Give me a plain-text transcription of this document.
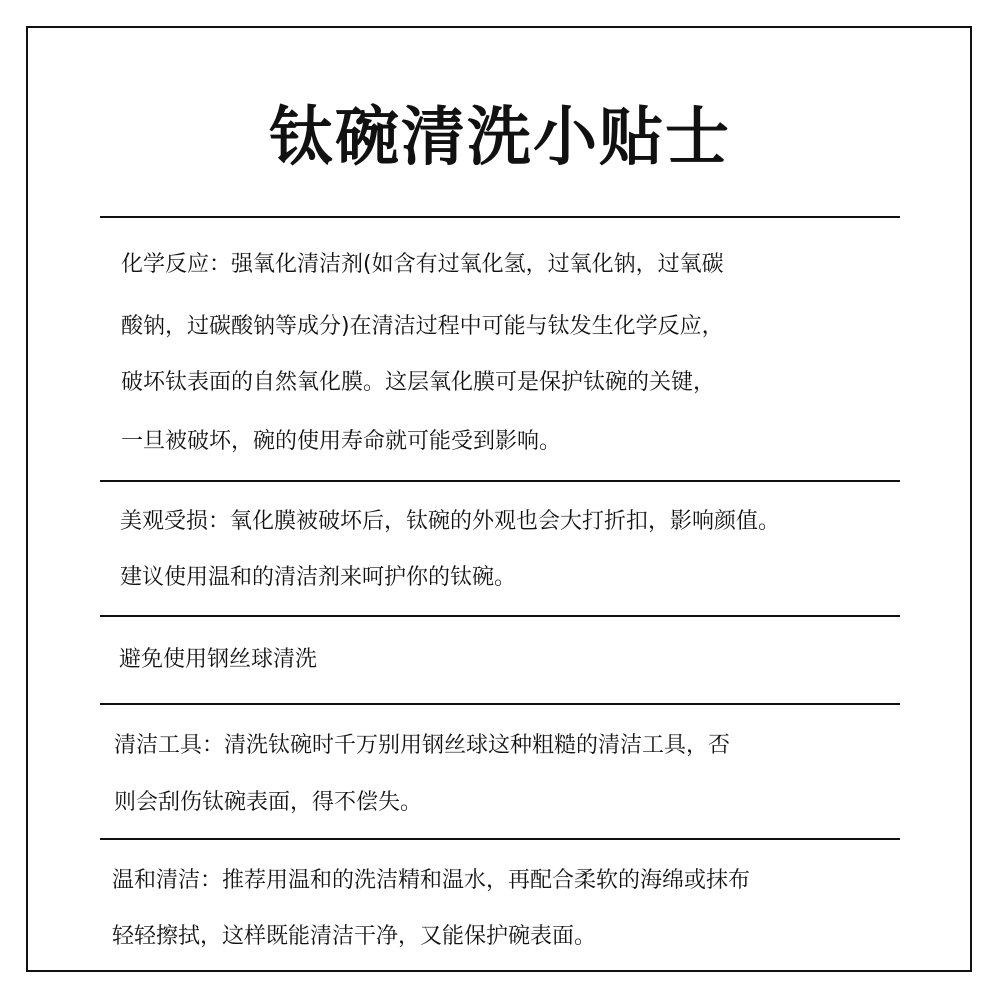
钛碗清洗小贴士
化学反应：强氧化清洁剂(如含有过氧化氢，过氧化钠，过氧碳
酸钠，过碳酸钠等成分)在清洁过程中可能与钛发生化学反应，
破坏钛表面的自然氧化膜。这层氧化膜可是保护钛碗的关键，
一旦被破坏，碗的使用寿命就可能受到影响。
美观受损：氧化膜被破坏后，钛碗的外观也会大打折扣，影响颜值。
建议使用温和的清洁剂来呵护你的钛碗。
避免使用钢丝球清洗
清洁工具：清洗钛碗时千万别用钢丝球这种粗糙的清洁工具，否
则会刮伤钛碗表面，得不偿失。
温和清洁：推荐用温和的洗洁精和温水，再配合柔软的海绵或抹布
轻轻擦拭，这样既能清洁干净，又能保护碗表面。
